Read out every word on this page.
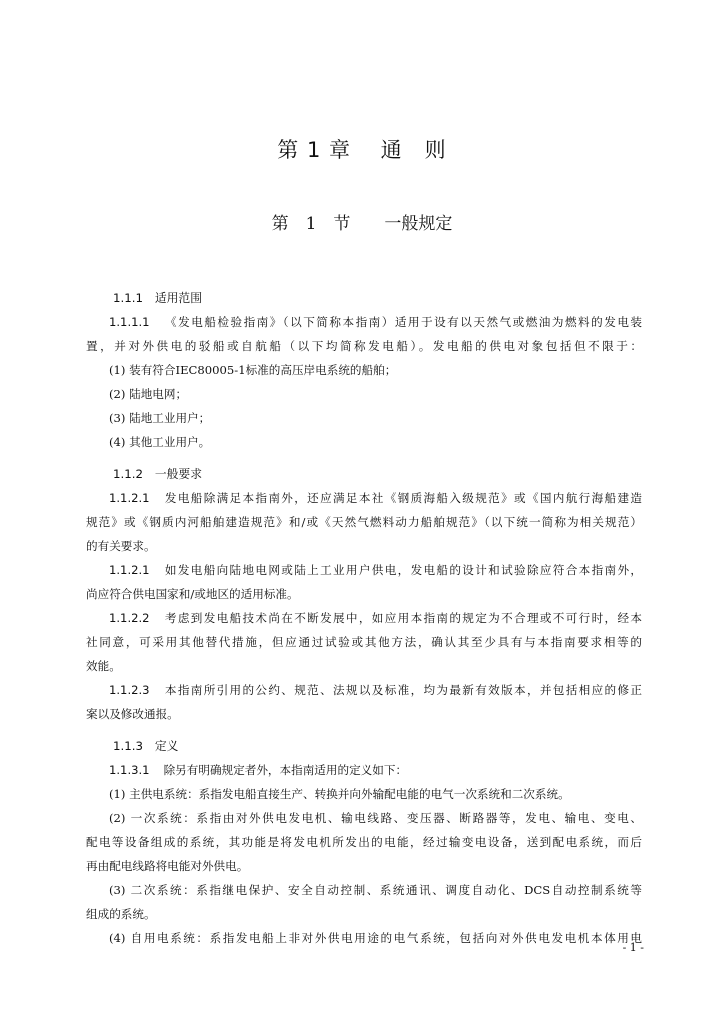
第 1 章　 通　则
第　1　节　　一般规定
1.1.1　适用范围
1.1.1.1 《发电船检验指南》（以下简称本指南）适用于设有以天然气或燃油为燃料的发电装
置，并对外供电的驳船或自航船（以下均简称发电船）。发电船的供电对象包括但不限于：
(1) 装有符合IEC80005-1标准的高压岸电系统的船舶；
(2) 陆地电网；
(3) 陆地工业用户；
(4) 其他工业用户。
1.1.2　一般要求
1.1.2.1 发电船除满足本指南外，还应满足本社《钢质海船入级规范》或《国内航行海船建造
规范》或《钢质内河船舶建造规范》和/或《天然气燃料动力船舶规范》（以下统一简称为相关规范）
的有关要求。
1.1.2.1 如发电船向陆地电网或陆上工业用户供电，发电船的设计和试验除应符合本指南外，
尚应符合供电国家和/或地区的适用标准。
1.1.2.2 考虑到发电船技术尚在不断发展中，如应用本指南的规定为不合理或不可行时，经本
社同意，可采用其他替代措施，但应通过试验或其他方法，确认其至少具有与本指南要求相等的
效能。
1.1.2.3 本指南所引用的公约、规范、法规以及标准，均为最新有效版本，并包括相应的修正
案以及修改通报。
1.1.3　定义
1.1.3.1 除另有明确规定者外，本指南适用的定义如下：
(1) 主供电系统：系指发电船直接生产、转换并向外输配电能的电气一次系统和二次系统。
(2) 一次系统：系指由对外供电发电机、输电线路、变压器、断路器等，发电、输电、变电、
配电等设备组成的系统，其功能是将发电机所发出的电能，经过输变电设备，送到配电系统，而后
再由配电线路将电能对外供电。
(3) 二次系统：系指继电保护、安全自动控制、系统通讯、调度自动化、DCS自动控制系统等
组成的系统。
(4) 自用电系统：系指发电船上非对外供电用途的电气系统，包括向对外供电发电机本体用电
- 1 -
